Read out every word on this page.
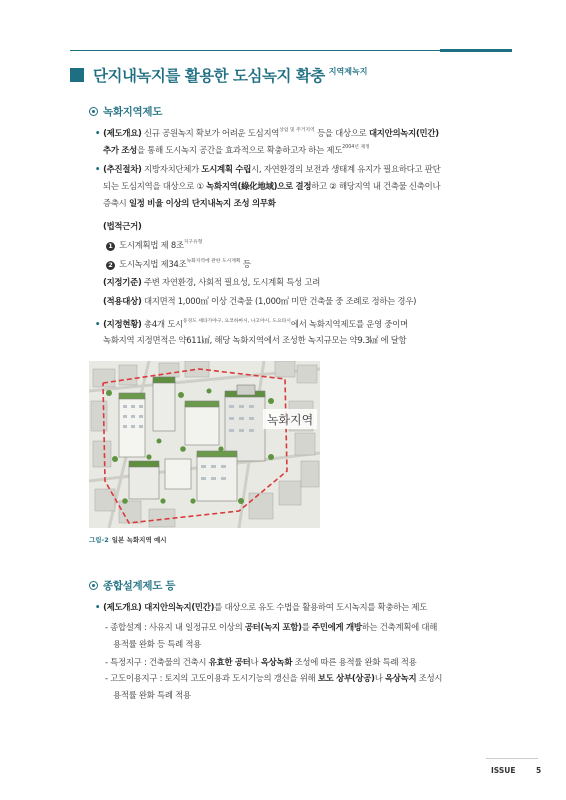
단지내녹지를 활용한 도심녹지 확충 지역제녹지
녹화지역제도
• (제도개요) 신규 공원녹지 확보가 어려운 도심지역$^{상업 및 주거지역}$ 등을 대상으로 대지안의녹지(민간)
추가 조성을 통해 도시녹지 공간을 효과적으로 확충하고자 하는 제도$^{2004년 제정}$
• (추진절차) 지방자치단체가 도시계획 수립시, 자연환경의 보전과 생태계 유지가 필요하다고 판단
되는 도심지역을 대상으로 ① 녹화지역(綠化地域)으로 결정하고 ② 해당지역 내 건축물 신축이나
증축시 일정 비율 이상의 단지내녹지 조성 의무화
(법적근거)
1 도시계획법 제 8조$^{지구유형}$
2 도시녹지법 제34조$^{녹화지역에 관한 도시계획}$ 등
(지정기준) 주변 자연환경, 사회적 필요성, 도시계획 특성 고려
(적용대상) 대지면적 1,000㎡ 이상 건축물 (1,000㎡ 미만 건축물 중 조례로 정하는 경우)
• (지정현황) 총4개 도시$^{동경도 세타가야구, 요코하마시, 나고야시, 도요타시}$에서 녹화지역제도를 운영 중이며
녹화지역 지정면적은 약611㎢, 해당 녹화지역에서 조성한 녹지규모는 약9.3㎢ 에 달함
녹화지역
그림-2 일본 녹화지역 예시
종합설계제도 등
• (제도개요) 대지안의녹지(민간)를 대상으로 유도 수법을 활용하여 도시녹지를 확충하는 제도
- 종합설계 : 사유지 내 일정규모 이상의 공터(녹지 포함)를 주민에게 개방하는 건축계획에 대해
용적률 완화 등 특례 적용
- 특정지구 : 건축물의 건축시 유효한 공터나 옥상녹화 조성에 따른 용적률 완화 특례 적용
- 고도이용지구 : 토지의 고도이용과 도시기능의 갱신을 위해 보도 상부(상공)나 옥상녹지 조성시
용적률 완화 특례 적용
ISSUE	5
